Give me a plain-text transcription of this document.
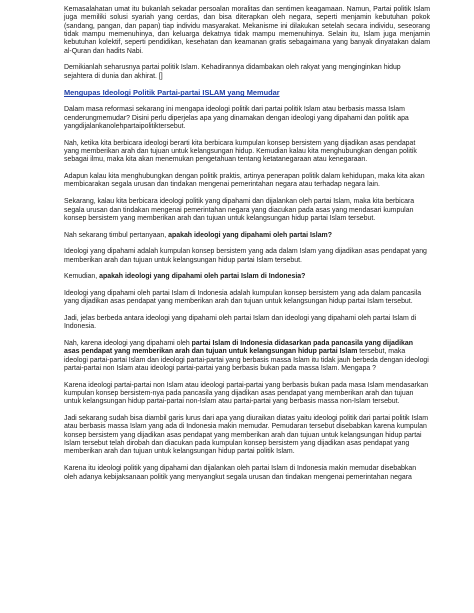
Kemasalahatan umat itu bukanlah sekadar persoalan moralitas dan sentimen keagamaan. Namun, Partai politik Islam juga memiliki solusi syariah yang cerdas, dan bisa diterapkan oleh negara, seperti menjamin kebutuhan pokok (sandang, pangan, dan papan) tiap individu masyarakat. Mekanisme ini dilakukan setelah secara individu, seseorang tidak mampu memenuhinya, dan keluarga dekatnya tidak mampu memenuhinya. Selain itu, Islam juga menjamin kebutuhan kolektif, seperti pendidikan, kesehatan dan keamanan gratis sebagaimana yang banyak dinyatakan dalam al-Quran dan hadits Nabi.

Demikianlah seharusnya partai politik Islam. Kehadirannya didambakan oleh rakyat yang menginginkan hidup sejahtera di dunia dan akhirat. []

Mengupas Ideologi Politik Partai-partai ISLAM yang Memudar

Dalam masa reformasi sekarang ini mengapa ideologi politik dari partai politik Islam atau berbasis massa Islam cenderungmemudar? Disini perlu diperjelas apa yang dinamakan dengan ideologi yang dipahami dan politik apa yangdijalankanolehpartaipolitiktersebut.

Nah, ketika kita berbicara ideologi berarti kita berbicara kumpulan konsep bersistem yang dijadikan asas pendapat yang memberikan arah dan tujuan untuk kelangsungan hidup. Kemudian kalau kita menghubungkan dengan politik sebagai ilmu, maka kita akan menemukan pengetahuan tentang ketatanegaraan atau kenegaraan.

Adapun kalau kita menghubungkan dengan politik praktis, artinya penerapan politik dalam kehidupan, maka kita akan membicarakan segala urusan dan tindakan mengenai pemerintahan negara atau terhadap negara lain.

Sekarang, kalau kita berbicara ideologi politik yang dipahami dan dijalankan oleh partai Islam, maka kita berbicara segala urusan dan tindakan mengenai pemerintahan negara yang diacukan pada asas yang mendasari kumpulan konsep bersistem yang memberikan arah dan tujuan untuk kelangsungan hidup partai Islam tersebut.

Nah sekarang timbul pertanyaan, apakah ideologi yang dipahami oleh partai Islam?

Ideologi yang dipahami adalah kumpulan konsep bersistem yang ada dalam Islam yang dijadikan asas pendapat yang memberikan arah dan tujuan untuk kelangsungan hidup partai Islam tersebut.

Kemudian, apakah ideologi yang dipahami oleh partai Islam di Indonesia?

Ideologi yang dipahami oleh partai Islam di Indonesia adalah kumpulan konsep bersistem yang ada dalam pancasila yang dijadikan asas pendapat yang memberikan arah dan tujuan untuk kelangsungan hidup partai Islam tersebut.

Jadi, jelas berbeda antara ideologi yang dipahami oleh partai Islam dan ideologi yang dipahami oleh partai Islam di Indonesia.

Nah, karena ideologi yang dipahami oleh partai Islam di Indonesia didasarkan pada pancasila yang dijadikan asas pendapat yang memberikan arah dan tujuan untuk kelangsungan hidup partai Islam tersebut, maka ideologi partai-partai Islam dan ideologi partai-partai yang berbasis massa Islam itu tidak jauh berbeda dengan ideologi partai-partai non Islam atau ideologi partai-partai yang berbasis bukan pada massa Islam. Mengapa ?

Karena ideologi partai-partai non Islam atau ideologi partai-partai yang berbasis bukan pada masa Islam mendasarkan kumpulan konsep bersistem-nya pada pancasila yang dijadikan asas pendapat yang memberikan arah dan tujuan untuk kelangsungan hidup partai-partai non-Islam atau partai-partai yang berbasis massa non-Islam tersebut.

Jadi sekarang sudah bisa diambil garis lurus dari apa yang diuraikan diatas yaitu ideologi politik dari partai politik Islam atau berbasis massa Islam yang ada di Indonesia makin memudar. Pemudaran tersebut disebabkan karena kumpulan konsep bersistem yang dijadikan asas pendapat yang memberikan arah dan tujuan untuk kelangsungan hidup partai Islam tersebut telah dirobah dan diacukan pada kumpulan konsep bersistem yang dijadikan asas pendapat yang memberikan arah dan tujuan untuk kelangsungan hidup partai politik Islam.

Karena itu ideologi politik yang dipahami dan dijalankan oleh partai Islam di Indonesia makin memudar disebabkan oleh adanya kebijaksanaan politik yang menyangkut segala urusan dan tindakan mengenai pemerintahan negara
